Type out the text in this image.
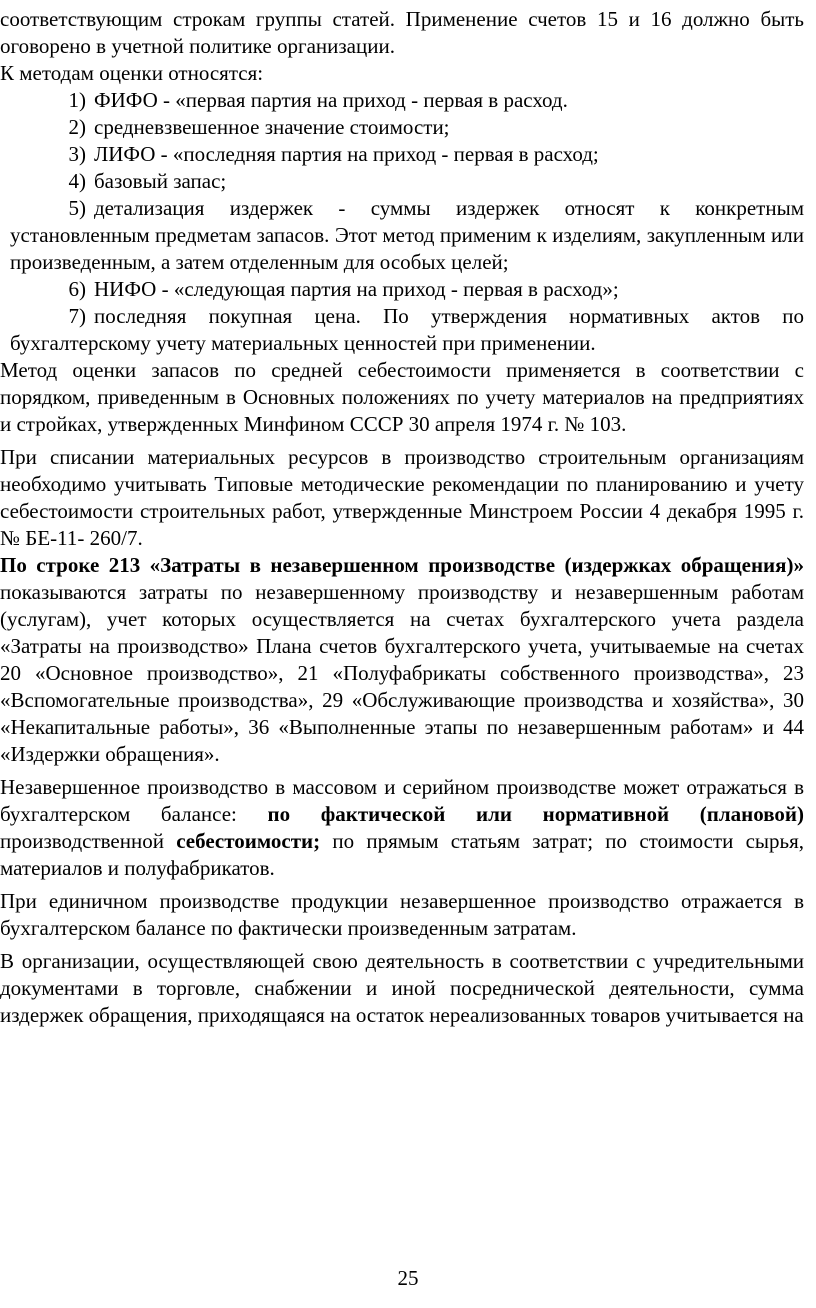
соответствующим строкам группы статей. Применение счетов 15 и 16 должно быть оговорено в учетной политике организации.

К методам оценки относятся:

1) ФИФО - «первая партия на приход - первая в расход.
2) средневзвешенное значение стоимости;
3) ЛИФО - «последняя партия на приход - первая в расход;
4) базовый запас;
5) детализация издержек - суммы издержек относят к конкретным установленным предметам запасов. Этот метод применим к изделиям, закупленным или произведенным, а затем отделенным для особых целей;
6) НИФО - «следующая партия на приход - первая в расход»;
7) последняя покупная цена. По утверждения нормативных актов по бухгалтерскому учету материальных ценностей при применении.

Метод оценки запасов по средней себестоимости применяется в соответствии с порядком, приведенным в Основных положениях по учету материалов на предприятиях и стройках, утвержденных Минфином СССР 30 апреля 1974 г. № 103.

При списании материальных ресурсов в производство строительным организациям необходимо учитывать Типовые методические рекомендации по планированию и учету себестоимости строительных работ, утвержденные Минстроем России 4 декабря 1995 г. № БЕ-11- 260/7.

По строке 213 «Затраты в незавершенном производстве (издержках обращения)» показываются затраты по незавершенному производству и незавершенным работам (услугам), учет которых осуществляется на счетах бухгалтерского учета раздела «Затраты на производство» Плана счетов бухгалтерского учета, учитываемые на счетах 20 «Основное производство», 21 «Полуфабрикаты собственного производства», 23 «Вспомогательные производства», 29 «Обслуживающие производства и хозяйства», 30 «Некапитальные работы», 36 «Выполненные этапы по незавершенным работам» и 44 «Издержки обращения».

Незавершенное производство в массовом и серийном производстве может отражаться в бухгалтерском балансе: по фактической или нормативной (плановой) производственной себестоимости; по прямым статьям затрат; по стоимости сырья, материалов и полуфабрикатов.

При единичном производстве продукции незавершенное производство отражается в бухгалтерском балансе по фактически произведенным затратам.

В организации, осуществляющей свою деятельность в соответствии с учредительными документами в торговле, снабжении и иной посреднической деятельности, сумма издержек обращения, приходящаяся на остаток нереализованных товаров учитывается на

25
